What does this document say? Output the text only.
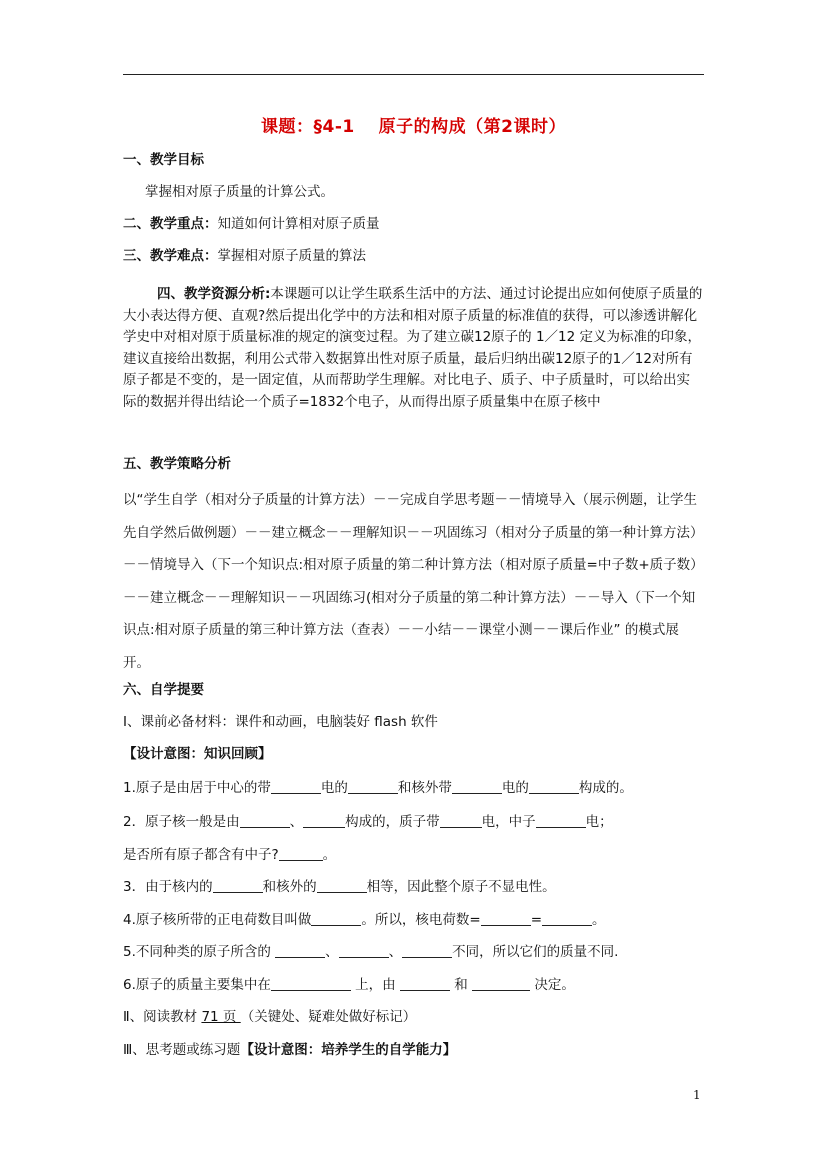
课题：§4-1　 原子的构成（第2课时）
一、教学目标
掌握相对原子质量的计算公式。
二、教学重点：知道如何计算相对原子质量
三、教学难点：掌握相对原子质量的算法
四、教学资源分析:本课题可以让学生联系生活中的方法、通过讨论提出应如何使原子质量的大小表达得方便、直观?然后提出化学中的方法和相对原子质量的标准值的获得，可以渗透讲解化学史中对相对原于质量标准的规定的演变过程。为了建立碳12原子的 1／12 定义为标准的印象，建议直接给出数据，利用公式带入数据算出性对原子质量，最后归纳出碳12原子的1／12对所有原子都是不变的，是一固定值，从而帮助学生理解。对比电子、质子、中子质量时，可以给出实际的数据并得出结论一个质子=1832个电子，从而得出原子质量集中在原子核中
五、教学策略分析
以“学生自学（相对分子质量的计算方法）－－完成自学思考题－－情境导入（展示例题，让学生先自学然后做例题）－－建立概念－－理解知识－－巩固练习（相对分子质量的第一种计算方法）－－情境导入（下一个知识点:相对原子质量的第二种计算方法（相对原子质量=中子数+质子数）－－建立概念－－理解知识－－巩固练习(相对分子质量的第二种计算方法）－－导入（下一个知识点:相对原子质量的第三种计算方法（查表）－－小结－－课堂小测－－课后作业” 的模式展开。
六、自学提要
Ⅰ、课前必备材料：课件和动画，电脑装好 flash 软件
【设计意图：知识回顾】
1.原子是由居于中心的带	电的	和核外带	电的	构成的。
2．原子核一般是由	、	构成的，质子带	电，中子	电；
是否所有原子都含有中子?	。
3．由于核内的	和核外的	相等，因此整个原子不显电性。
4.原子核所带的正电荷数目叫做	。所以，核电荷数=	=	。
5.不同种类的原子所含的	、	、	不同，所以它们的质量不同.
6.原子的质量主要集中在	上，由	和	决定。
Ⅱ、阅读教材 71 页 （关键处、疑难处做好标记）
Ⅲ、思考题或练习题【设计意图：培养学生的自学能力】
1
